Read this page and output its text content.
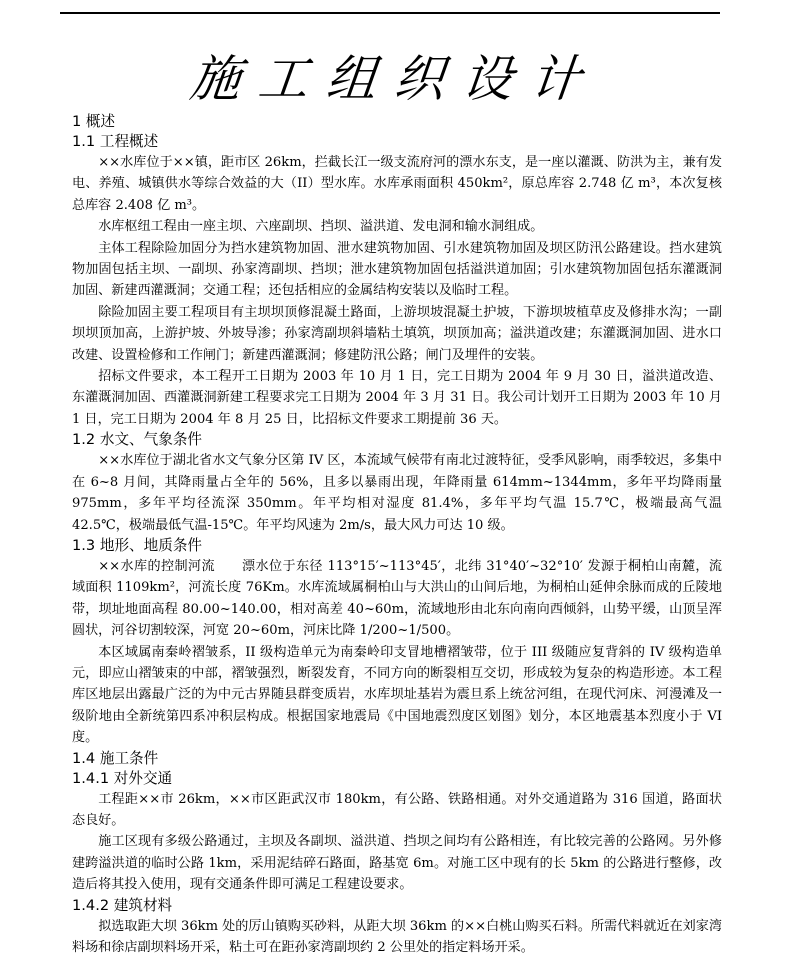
施工组织设计
1 概述
1.1 工程概述
××水库位于××镇，距市区 26km，拦截长江一级支流府河的漂水东支，是一座以灌溉、防洪为主，兼有发电、养殖、城镇供水等综合效益的大（II）型水库。水库承雨面积 450km²，原总库容 2.748 亿 m³，本次复核总库容 2.408 亿 m³。
水库枢纽工程由一座主坝、六座副坝、挡坝、溢洪道、发电洞和输水洞组成。
主体工程除险加固分为挡水建筑物加固、泄水建筑物加固、引水建筑物加固及坝区防汛公路建设。挡水建筑物加固包括主坝、一副坝、孙家湾副坝、挡坝；泄水建筑物加固包括溢洪道加固；引水建筑物加固包括东灌溉洞加固、新建西灌溉洞；交通工程；还包括相应的金属结构安装以及临时工程。
除险加固主要工程项目有主坝坝顶修混凝土路面，上游坝坡混凝土护坡，下游坝坡植草皮及修排水沟；一副坝坝顶加高，上游护坡、外坡导渗；孙家湾副坝斜墙粘土填筑，坝顶加高；溢洪道改建；东灌溉洞加固、进水口改建、设置检修和工作闸门；新建西灌溉洞；修建防汛公路；闸门及埋件的安装。
招标文件要求，本工程开工日期为 2003 年 10 月 1 日，完工日期为 2004 年 9 月 30 日，溢洪道改造、东灌溉洞加固、西灌溉洞新建工程要求完工日期为 2004 年 3 月 31 日。我公司计划开工日期为 2003 年 10 月 1 日，完工日期为 2004 年 8 月 25 日，比招标文件要求工期提前 36 天。
1.2 水文、气象条件
××水库位于湖北省水文气象分区第 IV 区，本流域气候带有南北过渡特征，受季风影响，雨季较迟，多集中在 6~8 月间，其降雨量占全年的 56%，且多以暴雨出现，年降雨量 614mm~1344mm，多年平均降雨量 975mm，多年平均径流深 350mm。年平均相对湿度 81.4%，多年平均气温 15.7℃，极端最高气温 42.5℃，极端最低气温-15℃。年平均风速为 2m/s，最大风力可达 10 级。
1.3 地形、地质条件
××水库的控制河流　　漂水位于东径 113°15′~113°45′，北纬 31°40′~32°10′ 发源于桐柏山南麓，流域面积 1109km²，河流长度 76Km。水库流域属桐柏山与大洪山的山间后地，为桐柏山延伸余脉而成的丘陵地带，坝址地面高程 80.00~140.00，相对高差 40~60m，流域地形由北东向南向西倾斜，山势平缓，山顶呈浑圆状，河谷切割较深，河宽 20~60m，河床比降 1/200~1/500。
本区域属南秦岭褶皱系，II 级构造单元为南秦岭印支冒地槽褶皱带，位于 III 级随应复背斜的 IV 级构造单元，即应山褶皱束的中部，褶皱强烈，断裂发育，不同方向的断裂相互交切，形成较为复杂的构造形迹。本工程库区地层出露最广泛的为中元古界随县群变质岩，水库坝址基岩为震旦系上统岔河组，在现代河床、河漫滩及一级阶地由全新统第四系冲积层构成。根据国家地震局《中国地震烈度区划图》划分，本区地震基本烈度小于 VI 度。
1.4 施工条件
1.4.1 对外交通
工程距××市 26km，××市区距武汉市 180km，有公路、铁路相通。对外交通道路为 316 国道，路面状态良好。
施工区现有多级公路通过，主坝及各副坝、溢洪道、挡坝之间均有公路相连，有比较完善的公路网。另外修建跨溢洪道的临时公路 1km，采用泥结碎石路面，路基宽 6m。对施工区中现有的长 5km 的公路进行整修，改造后将其投入使用，现有交通条件即可满足工程建设要求。
1.4.2 建筑材料
拟选取距大坝 36km 处的厉山镇购买砂料，从距大坝 36km 的××白桃山购买石料。所需代料就近在刘家湾料场和徐店副坝料场开采，粘土可在距孙家湾副坝约 2 公里处的指定料场开采。
